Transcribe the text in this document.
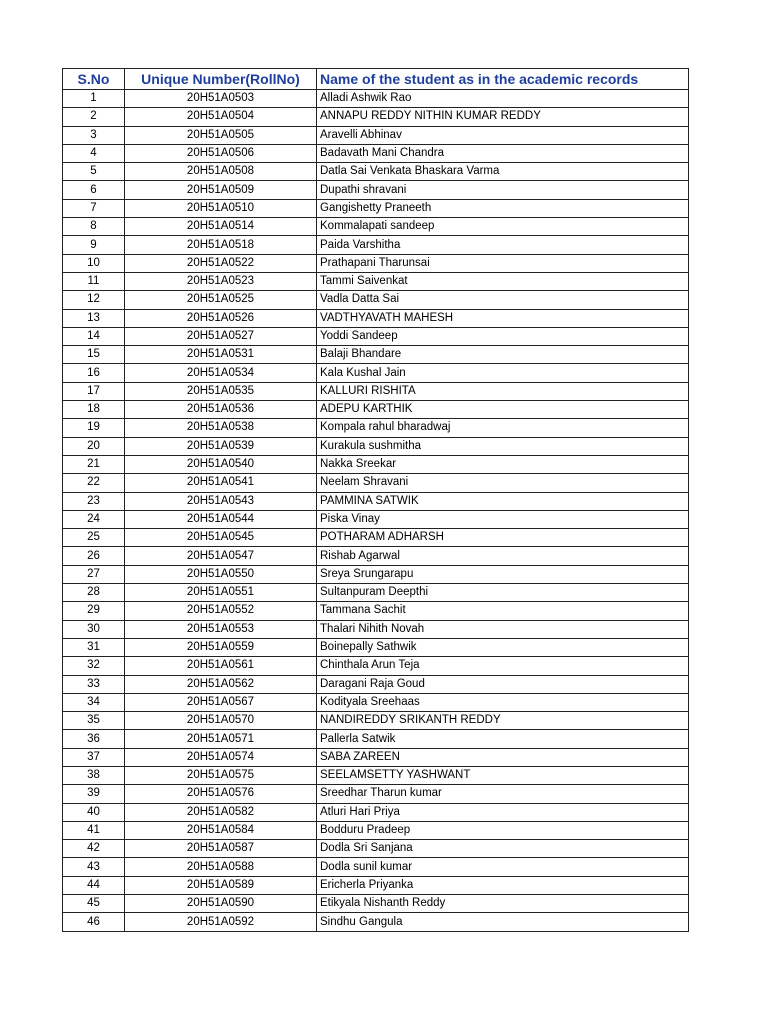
S.No	Unique Number(RollNo)	Name of the student as in the academic records
1	20H51A0503	Alladi Ashwik Rao
2	20H51A0504	ANNAPU REDDY NITHIN KUMAR REDDY
3	20H51A0505	Aravelli Abhinav
4	20H51A0506	Badavath Mani Chandra
5	20H51A0508	Datla Sai Venkata Bhaskara Varma
6	20H51A0509	Dupathi shravani
7	20H51A0510	Gangishetty Praneeth
8	20H51A0514	Kommalapati sandeep
9	20H51A0518	Paida Varshitha
10	20H51A0522	Prathapani Tharunsai
11	20H51A0523	Tammi Saivenkat
12	20H51A0525	Vadla Datta Sai
13	20H51A0526	VADTHYAVATH MAHESH
14	20H51A0527	Yoddi Sandeep
15	20H51A0531	Balaji Bhandare
16	20H51A0534	Kala Kushal Jain
17	20H51A0535	KALLURI RISHITA
18	20H51A0536	ADEPU KARTHIK
19	20H51A0538	Kompala rahul bharadwaj
20	20H51A0539	Kurakula sushmitha
21	20H51A0540	Nakka Sreekar
22	20H51A0541	Neelam Shravani
23	20H51A0543	PAMMINA SATWIK
24	20H51A0544	Piska Vinay
25	20H51A0545	POTHARAM ADHARSH
26	20H51A0547	Rishab Agarwal
27	20H51A0550	Sreya Srungarapu
28	20H51A0551	Sultanpuram Deepthi
29	20H51A0552	Tammana Sachit
30	20H51A0553	Thalari Nihith Novah
31	20H51A0559	Boinepally Sathwik
32	20H51A0561	Chinthala Arun Teja
33	20H51A0562	Daragani Raja Goud
34	20H51A0567	Kodityala Sreehaas
35	20H51A0570	NANDIREDDY SRIKANTH REDDY
36	20H51A0571	Pallerla Satwik
37	20H51A0574	SABA ZAREEN
38	20H51A0575	SEELAMSETTY YASHWANT
39	20H51A0576	Sreedhar Tharun kumar
40	20H51A0582	Atluri Hari Priya
41	20H51A0584	Bodduru Pradeep
42	20H51A0587	Dodla Sri Sanjana
43	20H51A0588	Dodla sunil kumar
44	20H51A0589	Ericherla Priyanka
45	20H51A0590	Etikyala Nishanth Reddy
46	20H51A0592	Sindhu Gangula
